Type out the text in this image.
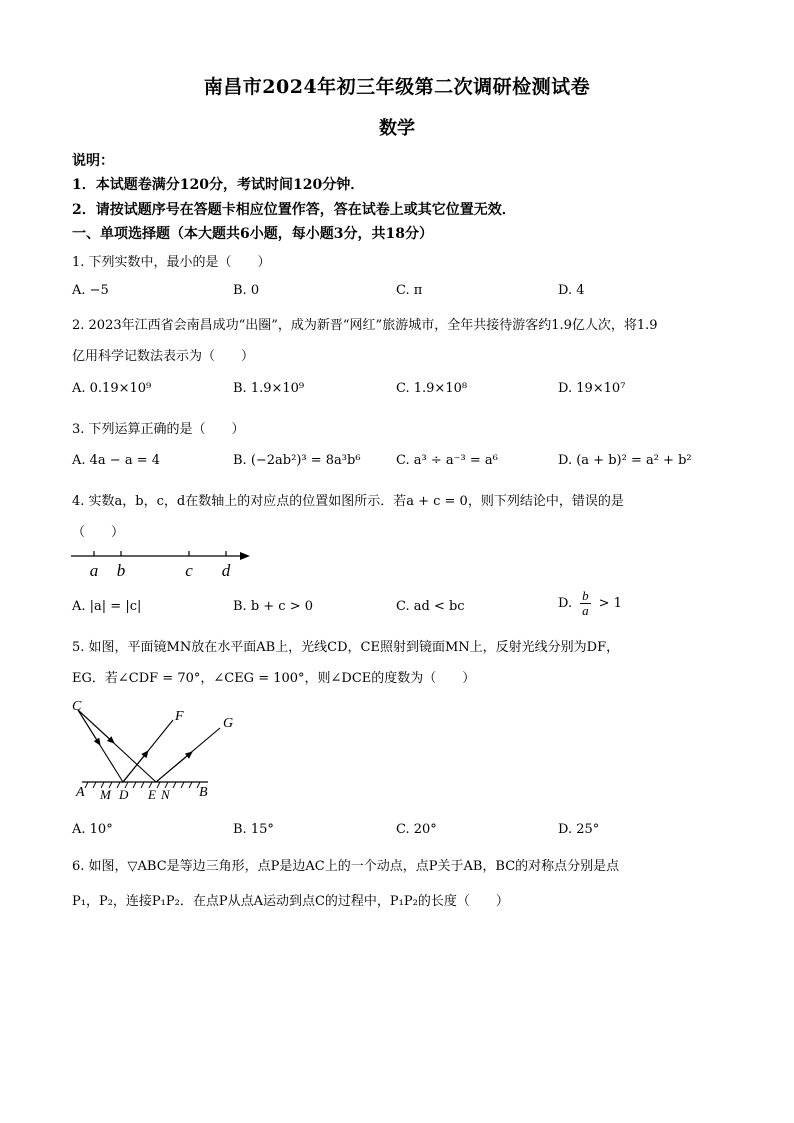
南昌市2024年初三年级第二次调研检测试卷
数学
说明：
1．本试题卷满分120分，考试时间120分钟．
2．请按试题序号在答题卡相应位置作答，答在试卷上或其它位置无效．
一、单项选择题（本大题共6小题，每小题3分，共18分）
1. 下列实数中，最小的是（　　）
A. −5	B. 0	C. π	D. 4
2. 2023年江西省会南昌成功“出圈”，成为新晋“网红”旅游城市，全年共接待游客约1.9亿人次，将1.9
亿用科学记数法表示为（　　）
A. 0.19×10⁹	B. 1.9×10⁹	C. 1.9×10⁸	D. 19×10⁷
3. 下列运算正确的是（　　）
A. 4a − a = 4	B. (−2ab²)³ = 8a³b⁶	C. a³ ÷ a⁻³ = a⁶	D. (a + b)² = a² + b²
4. 实数a，b，c，d在数轴上的对应点的位置如图所示．若a + c = 0，则下列结论中，错误的是
（　　）
a b	c d
A. |a| = |c|	B. b + c > 0	C. ad < bc	D. $\frac{b}{a} > 1$
5. 如图，平面镜MN放在水平面AB上，光线CD，CE照射到镜面MN上，反射光线分别为DF，
EG．若∠CDF = 70°，∠CEG = 100°，则∠DCE的度数为（　　）
C
F	G
A M D E N B
A. 10°	B. 15°	C. 20°	D. 25°
6. 如图，▽ABC是等边三角形，点P是边AC上的一个动点，点P关于AB，BC的对称点分别是点
P₁，P₂，连接P₁P₂．在点P从点A运动到点C的过程中，P₁P₂的长度（　　）
